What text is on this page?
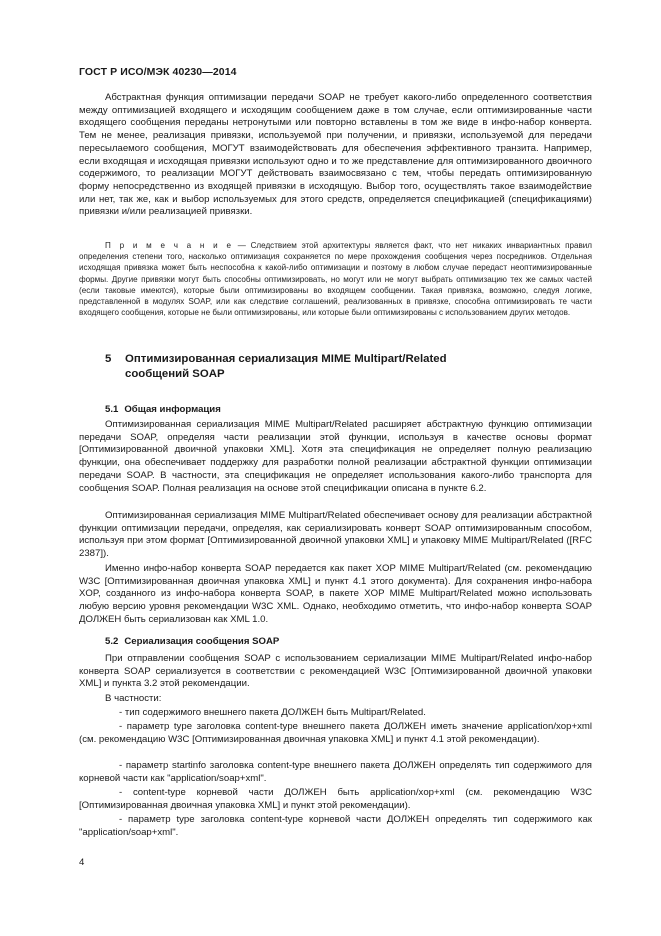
ГОСТ Р ИСО/МЭК 40230—2014

Абстрактная функция оптимизации передачи SOAP не требует какого-либо определенного соответствия между оптимизацией входящего и исходящим сообщением даже в том случае, если оптимизированные части входящего сообщения переданы нетронутыми или повторно вставлены в том же виде в инфо-набор конверта. Тем не менее, реализация привязки, используемой при получении, и привязки, используемой для передачи пересылаемого сообщения, МОГУТ взаимодействовать для обеспечения эффективного транзита. Например, если входящая и исходящая привязки используют одно и то же представление для оптимизированного двоичного содержимого, то реализации МОГУТ действовать взаимосвязано с тем, чтобы передать оптимизированную форму непосредственно из входящей привязки в исходящую. Выбор того, осуществлять такое взаимодействие или нет, так же, как и выбор используемых для этого средств, определяется спецификацией (спецификациями) привязки и/или реализацией привязки.

П р и м е ч а н и е — Следствием этой архитектуры является факт, что нет никаких инвариантных правил определения степени того, насколько оптимизация сохраняется по мере прохождения сообщения через посредников. Отдельная исходящая привязка может быть неспособна к какой-либо оптимизации и поэтому в любом случае передаст неоптимизированные формы. Другие привязки могут быть способны оптимизировать, но могут или не могут выбрать оптимизацию тех же самых частей (если таковые имеются), которые были оптимизированы во входящем сообщении. Такая привязка, возможно, следуя логике, представленной в модулях SOAP, или как следствие соглашений, реализованных в привязке, способна оптимизировать те части входящего сообщения, которые не были оптимизированы, или которые были оптимизированы с использованием других методов.

5 Оптимизированная сериализация MIME Multipart/Related
сообщений SOAP
5.1 Общая информация

Оптимизированная сериализация MIME Multipart/Related расширяет абстрактную функцию оптимизации передачи SOAP, определяя части реализации этой функции, используя в качестве основы формат [Оптимизированной двоичной упаковки XML]. Хотя эта спецификация не определяет полную реализацию функции, она обеспечивает поддержку для разработки полной реализации абстрактной функции оптимизации передачи SOAP. В частности, эта спецификация не определяет использования какого-либо транспорта для сообщения SOAP. Полная реализация на основе этой спецификации описана в пункте 6.2.

Оптимизированная сериализация MIME Multipart/Related обеспечивает основу для реализации абстрактной функции оптимизации передачи, определяя, как сериализировать конверт SOAP оптимизированным способом, используя при этом формат [Оптимизированной двоичной упаковки XML] и упаковку MIME Multipart/Related ([RFC 2387]).

Именно инфо-набор конверта SOAP передается как пакет XOP MIME Multipart/Related (см. рекомендацию W3C [Оптимизированная двоичная упаковка XML] и пункт 4.1 этого документа). Для сохранения инфо-набора XOP, созданного из инфо-набора конверта SOAP, в пакете XOP MIME Multipart/Related можно использовать любую версию уровня рекомендации W3C XML. Однако, необходимо отметить, что инфо-набор конверта SOAP ДОЛЖЕН быть сериализован как XML 1.0.

5.2 Сериализация сообщения SOAP

При отправлении сообщения SOAP с использованием сериализации MIME Multipart/Related инфо-набор конверта SOAP сериализуется в соответствии с рекомендацией W3C [Оптимизированной двоичной упаковки XML] и пункта 3.2 этой рекомендации.

В частности:

- тип содержимого внешнего пакета ДОЛЖЕН быть Multipart/Related.

- параметр type заголовка content-type внешнего пакета ДОЛЖЕН иметь значение application/xop+xml (см. рекомендацию W3C [Оптимизированная двоичная упаковка XML] и пункт 4.1 этой рекомендации).

- параметр startinfo заголовка content-type внешнего пакета ДОЛЖЕН определять тип содержимого для корневой части как "application/soap+xml".

- content-type корневой части ДОЛЖЕН быть application/xop+xml (см. рекомендацию W3C [Оптимизированная двоичная упаковка XML] и пункт этой рекомендации).

- параметр type заголовка content-type корневой части ДОЛЖЕН определять тип содержимого как "application/soap+xml".

4
